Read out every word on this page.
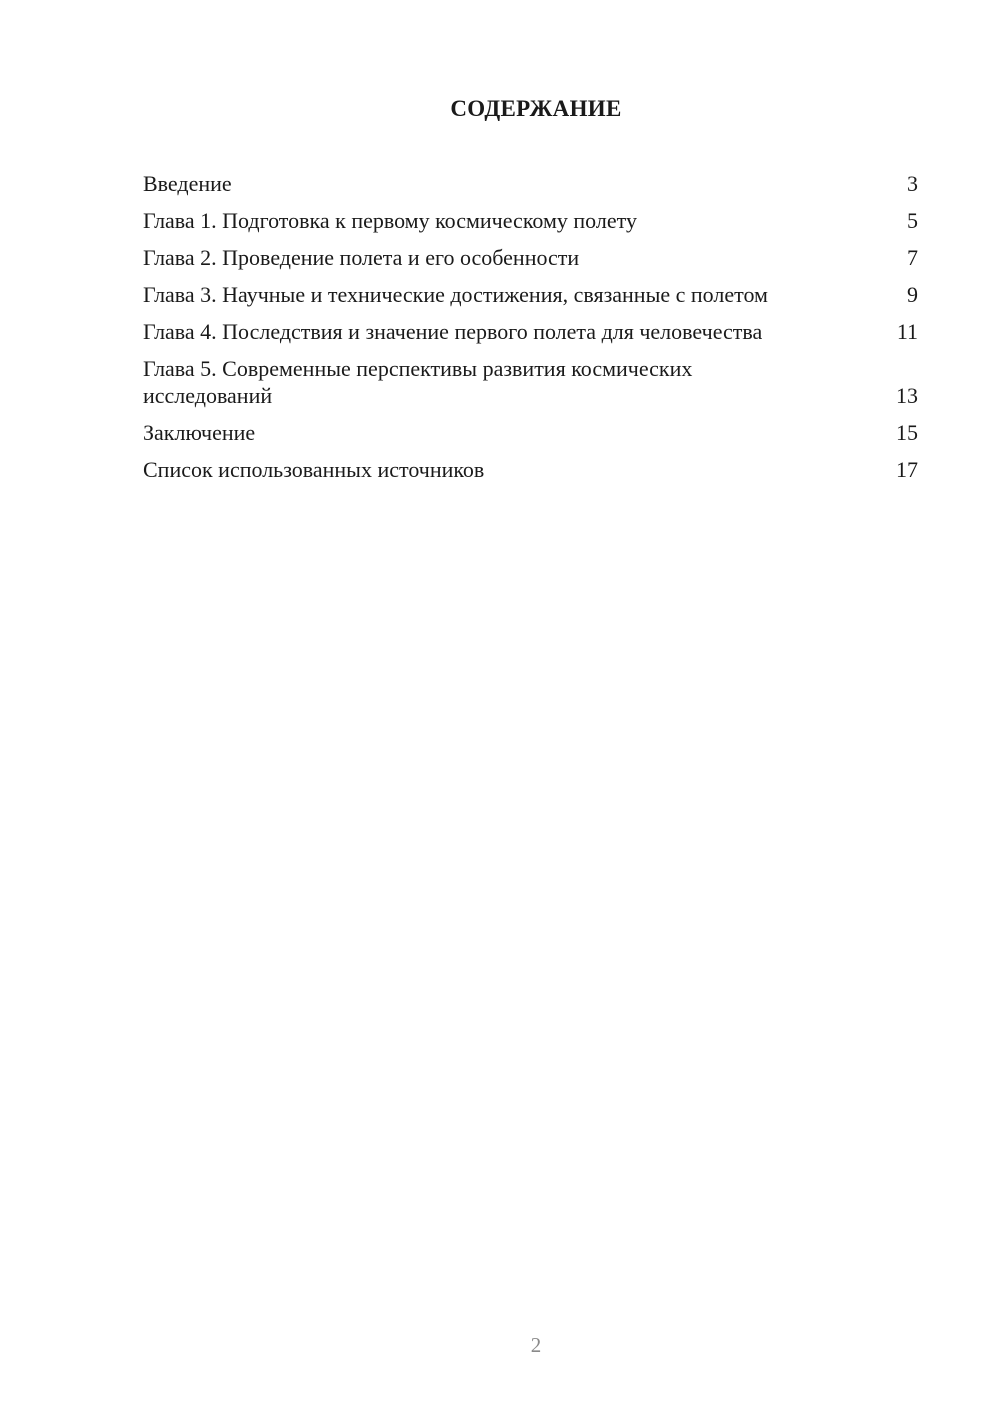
СОДЕРЖАНИЕ
Введение	3
Глава 1. Подготовка к первому космическому полету	5
Глава 2. Проведение полета и его особенности	7
Глава 3. Научные и технические достижения, связанные с полетом	9
Глава 4. Последствия и значение первого полета для человечества	11
Глава 5. Современные перспективы развития космических исследований	13
Заключение	15
Список использованных источников	17
2
